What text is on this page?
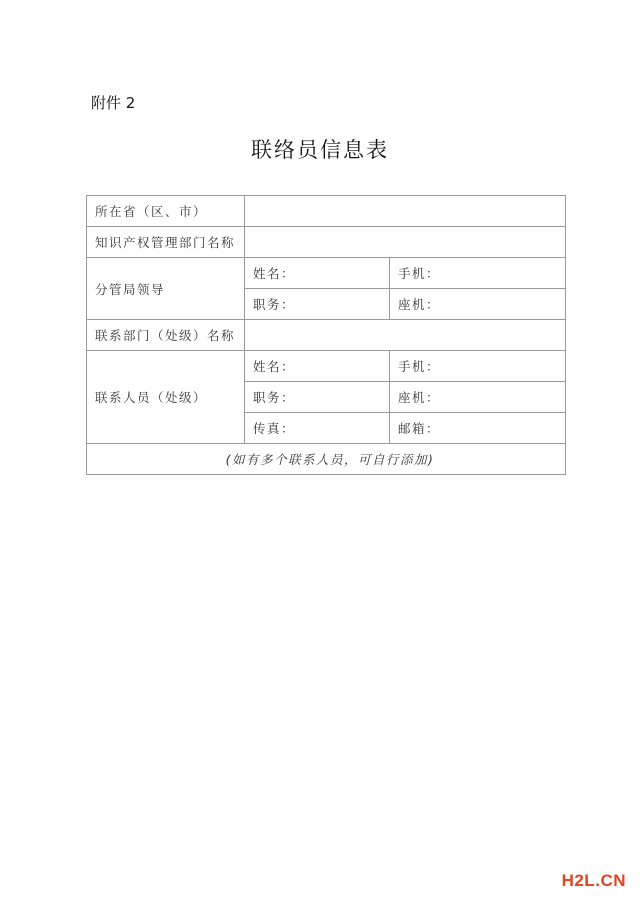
附件 2
联络员信息表
所在省（区、市）		
知识产权管理部门名称		
分管局领导	姓名：	手机：
	职务：	座机：
联系部门（处级）名称		
联系人员（处级）	姓名：	手机：
	职务：	座机：
	传真：	邮箱：
(如有多个联系人员，可自行添加)		
H2L.CN
